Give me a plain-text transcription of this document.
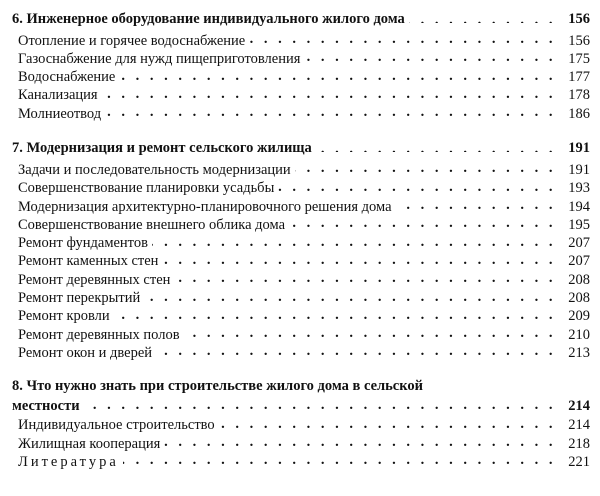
6. Инженерное оборудование индивидуального жилого дома . . .	156
Отопление и горячее водоснабжение . . .	156
Газоснабжение для нужд пищеприготовления . . .	175
Водоснабжение . . .	177
Канализация . . .	178
Молниеотвод . . .	186
7. Модернизация и ремонт сельского жилища . . .	191
Задачи и последовательность модернизации . . .	191
Совершенствование планировки усадьбы . . .	193
Модернизация архитектурно-планировочного решения дома . . .	194
Совершенствование внешнего облика дома . . .	195
Ремонт фундаментов . . .	207
Ремонт каменных стен . . .	207
Ремонт деревянных стен . . .	208
Ремонт перекрытий . . .	208
Ремонт кровли . . .	209
Ремонт деревянных полов . . .	210
Ремонт окон и дверей . . .	213
8. Что нужно знать при строительстве жилого дома в сельской
местности . . .	214
Индивидуальное строительство . . .	214
Жилищная кооперация . . .	218
Литература . . .	221
